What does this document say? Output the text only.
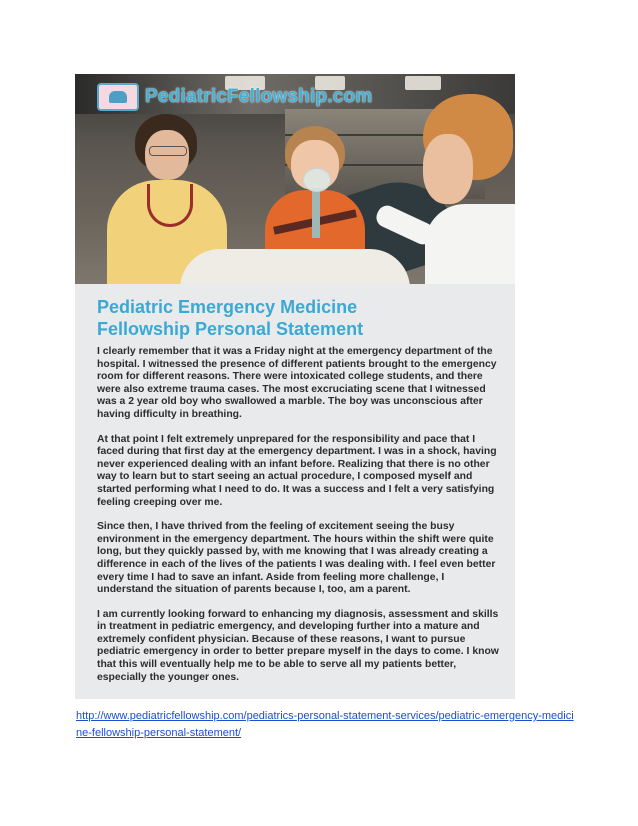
PediatricFellowship.com
Pediatric Emergency Medicine
Fellowship Personal Statement

I clearly remember that it was a Friday night at the emergency department of the hospital. I witnessed the presence of different patients brought to the emergency room for different reasons. There were intoxicated college students, and there were also extreme trauma cases. The most excruciating scene that I witnessed was a 2 year old boy who swallowed a marble. The boy was unconscious after having difficulty in breathing.

At that point I felt extremely unprepared for the responsibility and pace that I faced during that first day at the emergency department. I was in a shock, having never experienced dealing with an infant before. Realizing that there is no other way to learn but to start seeing an actual procedure, I composed myself and started performing what I need to do. It was a success and I felt a very satisfying feeling creeping over me.

Since then, I have thrived from the feeling of excitement seeing the busy environment in the emergency department. The hours within the shift were quite long, but they quickly passed by, with me knowing that I was already creating a difference in each of the lives of the patients I was dealing with. I feel even better every time I had to save an infant. Aside from feeling more challenge, I understand the situation of parents because I, too, am a parent.

I am currently looking forward to enhancing my diagnosis, assessment and skills in treatment in pediatric emergency, and developing further into a mature and extremely confident physician. Because of these reasons, I want to pursue pediatric emergency in order to better prepare myself in the days to come. I know that this will eventually help me to be able to serve all my patients better, especially the younger ones.

http://www.pediatricfellowship.com/pediatrics-personal-statement-services/pediatric-emergency-medicine-fellowship-personal-statement/
